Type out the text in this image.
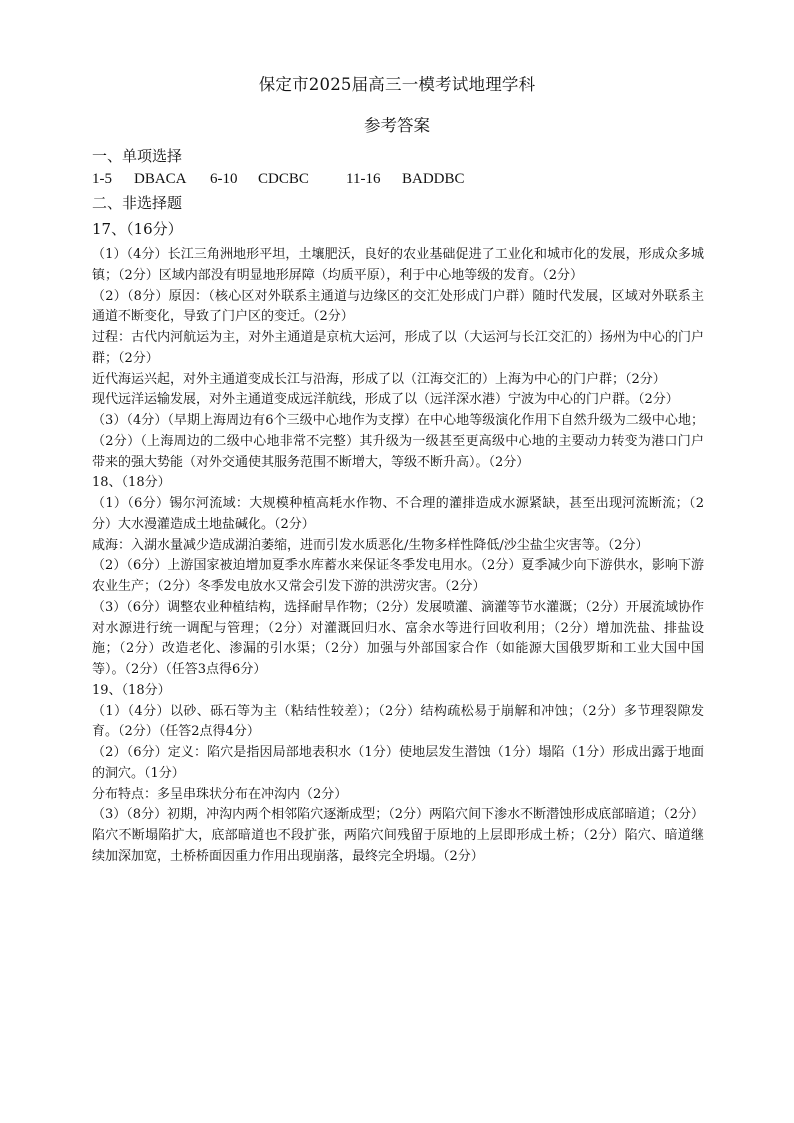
保定市2025届高三一模考试地理学科
参考答案
一、单项选择
1-5 DBACA 6-10 CDCBC 11-16 BADDBC
二、非选择题
17、（16分）

（1）（4分）长江三角洲地形平坦，土壤肥沃，良好的农业基础促进了工业化和城市化的发展，形成众多城镇；（2分）区域内部没有明显地形屏障（均质平原），利于中心地等级的发育。（2分）

（2）（8分）原因：（核心区对外联系主通道与边缘区的交汇处形成门户群）随时代发展，区域对外联系主通道不断变化，导致了门户区的变迁。（2分）

过程：古代内河航运为主，对外主通道是京杭大运河，形成了以（大运河与长江交汇的）扬州为中心的门户群；（2分）

近代海运兴起，对外主通道变成长江与沿海，形成了以（江海交汇的）上海为中心的门户群；（2分）

现代远洋运输发展，对外主通道变成远洋航线，形成了以（远洋深水港）宁波为中心的门户群。（2分）

（3）（4分）（早期上海周边有6个三级中心地作为支撑）在中心地等级演化作用下自然升级为二级中心地；（2分）（上海周边的二级中心地非常不完整）其升级为一级甚至更高级中心地的主要动力转变为港口门户带来的强大势能（对外交通使其服务范围不断增大，等级不断升高）。（2分）

18、（18分）

（1）（6分）锡尔河流域：大规模种植高耗水作物、不合理的灌排造成水源紧缺，甚至出现河流断流；（2分）大水漫灌造成土地盐碱化。（2分）

咸海：入湖水量减少造成湖泊萎缩，进而引发水质恶化/生物多样性降低/沙尘盐尘灾害等。（2分）

（2）（6分）上游国家被迫增加夏季水库蓄水来保证冬季发电用水。（2分）夏季减少向下游供水，影响下游农业生产；（2分）冬季发电放水又常会引发下游的洪涝灾害。（2分）

（3）（6分）调整农业种植结构，选择耐旱作物；（2分）发展喷灌、滴灌等节水灌溉；（2分）开展流域协作对水源进行统一调配与管理；（2分）对灌溉回归水、富余水等进行回收利用；（2分）增加洗盐、排盐设施；（2分）改造老化、渗漏的引水渠；（2分）加强与外部国家合作（如能源大国俄罗斯和工业大国中国等）。（2分）（任答3点得6分）

19、（18分）

（1）（4分）以砂、砾石等为主（粘结性较差）；（2分）结构疏松易于崩解和冲蚀；（2分）多节理裂隙发育。（2分）（任答2点得4分）

（2）（6分）定义：陷穴是指因局部地表积水（1分）使地层发生潜蚀（1分）塌陷（1分）形成出露于地面的洞穴。（1分）

分布特点：多呈串珠状分布在冲沟内（2分）

（3）（8分）初期，冲沟内两个相邻陷穴逐渐成型；（2分）两陷穴间下渗水不断潜蚀形成底部暗道；（2分）陷穴不断塌陷扩大，底部暗道也不段扩张，两陷穴间残留于原地的上层即形成土桥；（2分）陷穴、暗道继续加深加宽，土桥桥面因重力作用出现崩落，最终完全坍塌。（2分）
